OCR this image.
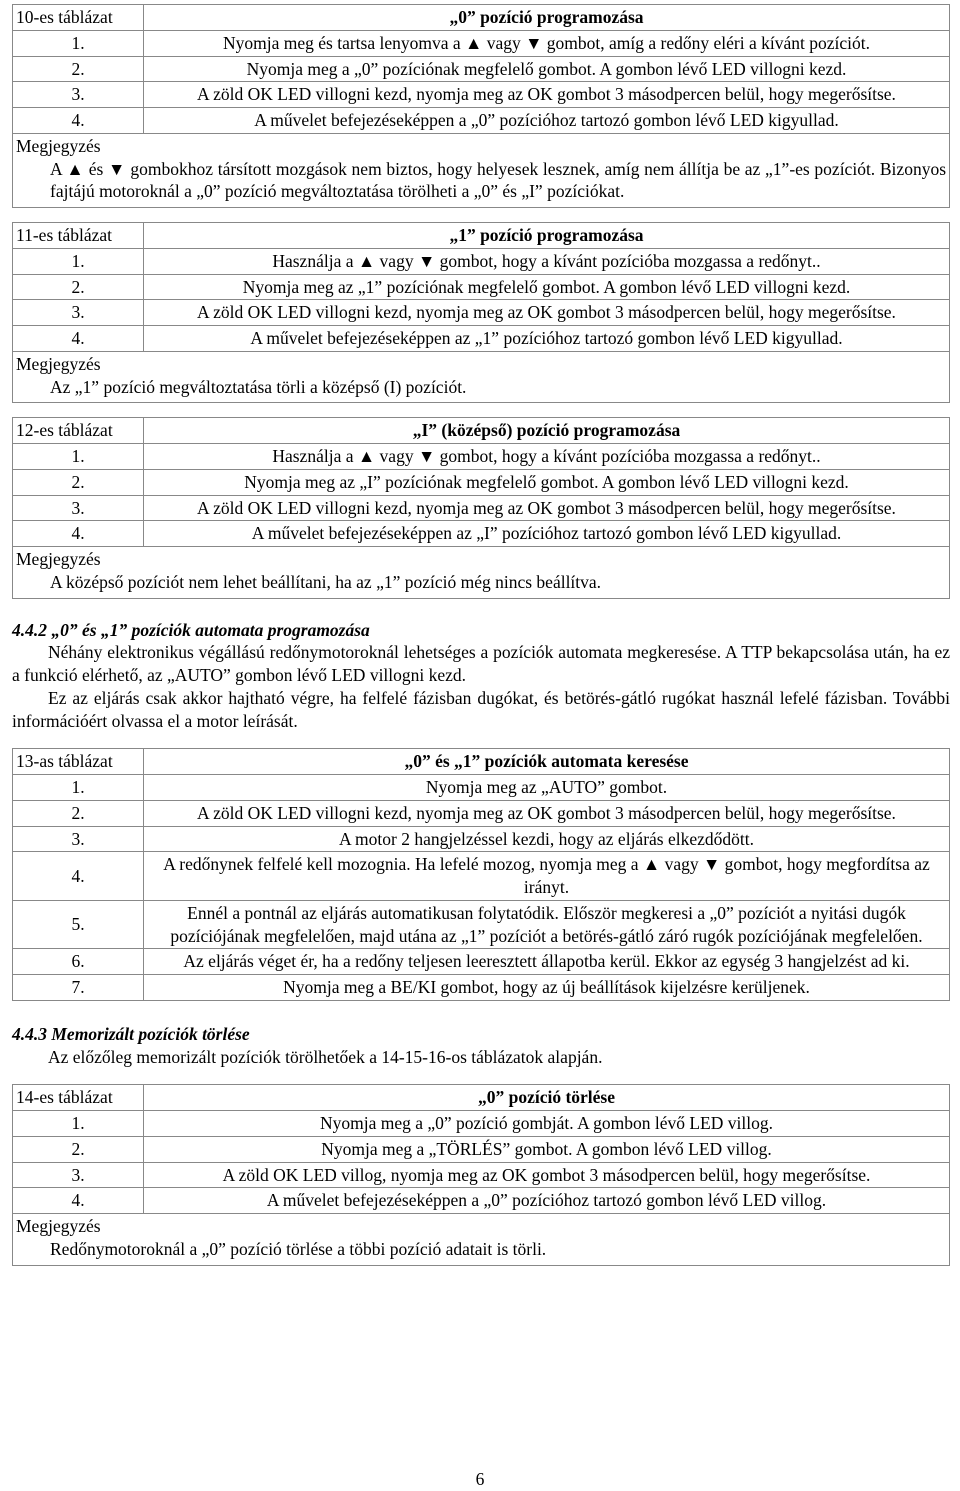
10-es táblázat	„0” pozíció programozása
1.	Nyomja meg és tartsa lenyomva a ▲ vagy ▼ gombot, amíg a redőny eléri a kívánt pozíciót.
2.	Nyomja meg a „0” pozíciónak megfelelő gombot. A gombon lévő LED villogni kezd.
3.	A zöld OK LED villogni kezd, nyomja meg az OK gombot 3 másodpercen belül, hogy megerősítse.
4.	A művelet befejezéseképpen a „0” pozícióhoz tartozó gombon lévő LED kigyullad.
Megjegyzés
A ▲ és ▼ gombokhoz társított mozgások nem biztos, hogy helyesek lesznek, amíg nem állítja be az „1”-es pozíciót. Bizonyos fajtájú motoroknál a „0” pozíció megváltoztatása törölheti a „0” és „I” pozíciókat.
11-es táblázat	„1” pozíció programozása
1.	Használja a ▲ vagy ▼ gombot, hogy a kívánt pozícióba mozgassa a redőnyt..
2.	Nyomja meg az „1” pozíciónak megfelelő gombot. A gombon lévő LED villogni kezd.
3.	A zöld OK LED villogni kezd, nyomja meg az OK gombot 3 másodpercen belül, hogy megerősítse.
4.	A művelet befejezéseképpen az „1” pozícióhoz tartozó gombon lévő LED kigyullad.
Megjegyzés
Az „1” pozíció megváltoztatása törli a középső (I) pozíciót.
12-es táblázat	„I” (középső) pozíció programozása
1.	Használja a ▲ vagy ▼ gombot, hogy a kívánt pozícióba mozgassa a redőnyt..
2.	Nyomja meg az „I” pozíciónak megfelelő gombot. A gombon lévő LED villogni kezd.
3.	A zöld OK LED villogni kezd, nyomja meg az OK gombot 3 másodpercen belül, hogy megerősítse.
4.	A művelet befejezéseképpen az „I” pozícióhoz tartozó gombon lévő LED kigyullad.
Megjegyzés
A középső pozíciót nem lehet beállítani, ha az „1” pozíció még nincs beállítva.

4.4.2 „0” és „1” pozíciók automata programozása

Néhány elektronikus végállású redőnymotoroknál lehetséges a pozíciók automata megkeresése. A TTP bekapcsolása után, ha ez a funkció elérhető, az „AUTO” gombon lévő LED villogni kezd.

Ez az eljárás csak akkor hajtható végre, ha felfelé fázisban dugókat, és betörés-gátló rugókat használ lefelé fázisban. További információért olvassa el a motor leírását.

13-as táblázat	„0” és „1” pozíciók automata keresése
1.	Nyomja meg az „AUTO” gombot.
2.	A zöld OK LED villogni kezd, nyomja meg az OK gombot 3 másodpercen belül, hogy megerősítse.
3.	A motor 2 hangjelzéssel kezdi, hogy az eljárás elkezdődött.
4.	A redőnynek felfelé kell mozognia. Ha lefelé mozog, nyomja meg a ▲ vagy ▼ gombot, hogy megfordítsa az irányt.
5.	Ennél a pontnál az eljárás automatikusan folytatódik. Először megkeresi a „0” pozíciót a nyitási dugók pozíciójának megfelelően, majd utána az „1” pozíciót a betörés-gátló záró rugók pozíciójának megfelelően.
6.	Az eljárás véget ér, ha a redőny teljesen leeresztett állapotba kerül. Ekkor az egység 3 hangjelzést ad ki.
7.	Nyomja meg a BE/KI gombot, hogy az új beállítások kijelzésre kerüljenek.

4.4.3 Memorizált pozíciók törlése

Az előzőleg memorizált pozíciók törölhetőek a 14-15-16-os táblázatok alapján.

14-es táblázat	„0” pozíció törlése
1.	Nyomja meg a „0” pozíció gombját. A gombon lévő LED villog.
2.	Nyomja meg a „TÖRLÉS” gombot. A gombon lévő LED villog.
3.	A zöld OK LED villog, nyomja meg az OK gombot 3 másodpercen belül, hogy megerősítse.
4.	A művelet befejezéseképpen a „0” pozícióhoz tartozó gombon lévő LED villog.
Megjegyzés
Redőnymotoroknál a „0” pozíció törlése a többi pozíció adatait is törli.
6
